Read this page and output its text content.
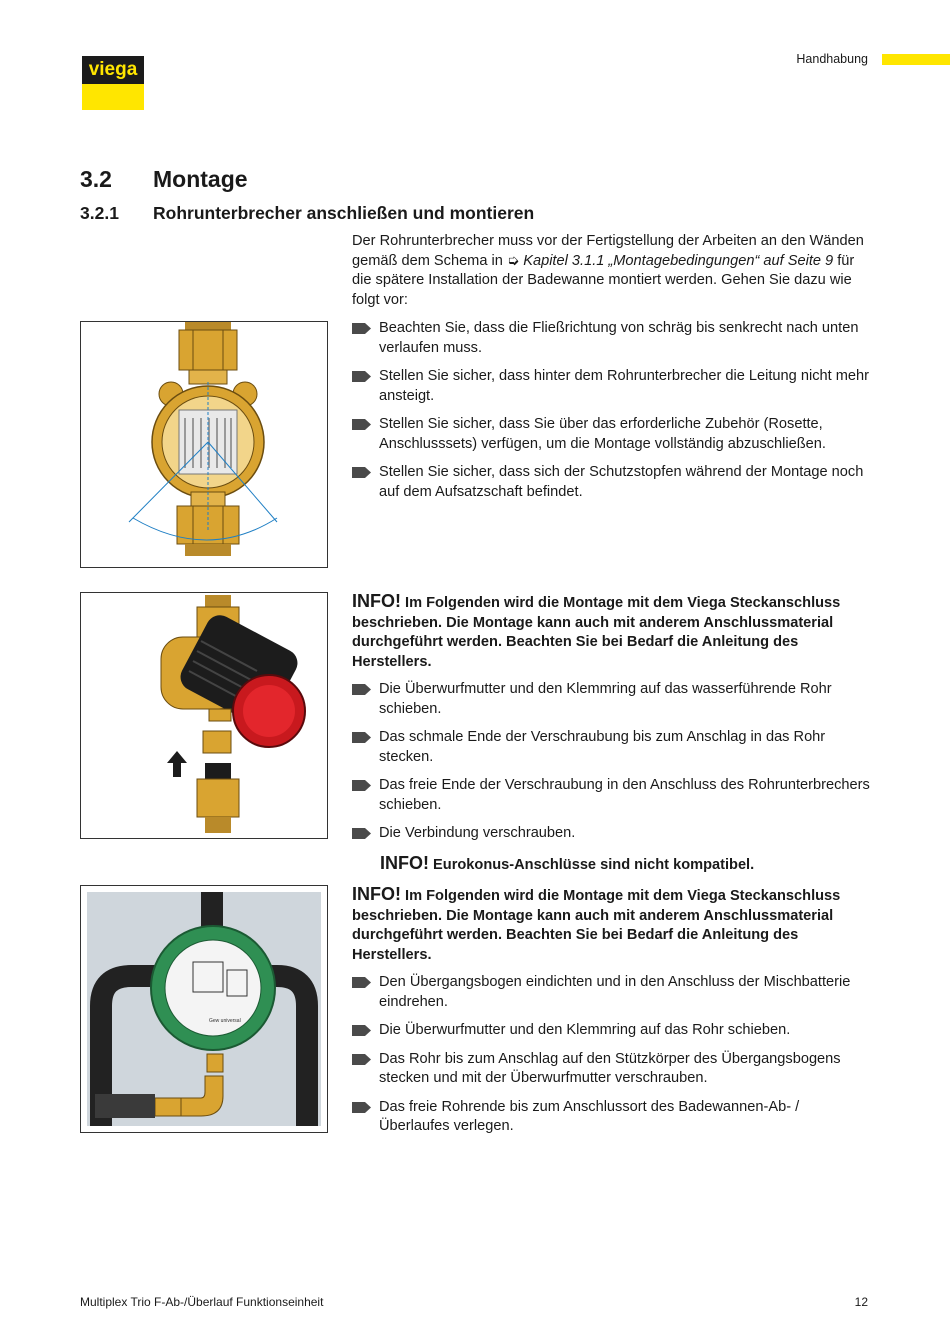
viega	Handhabung
3.2 Montage
3.2.1 Rohrunterbrecher anschließen und montieren
Der Rohrunterbrecher muss vor der Fertigstellung der Arbeiten an den Wänden gemäß dem Schema in ➭ Kapitel 3.1.1 „Montagebedingungen“ auf Seite 9 für die spätere Installation der Badewanne montiert werden. Gehen Sie dazu wie folgt vor:
Beachten Sie, dass die Fließrichtung von schräg bis senkrecht nach unten verlaufen muss.
Stellen Sie sicher, dass hinter dem Rohrunterbrecher die Leitung nicht mehr ansteigt.
Stellen Sie sicher, dass Sie über das erforderliche Zubehör (Rosette, Anschlusssets) verfügen, um die Montage vollständig abzuschließen.
Stellen Sie sicher, dass sich der Schutzstopfen während der Montage noch auf dem Aufsatzschaft befindet.
INFO! Im Folgenden wird die Montage mit dem Viega Steckanschluss beschrieben. Die Montage kann auch mit anderem Anschlussmaterial durchgeführt werden. Beachten Sie bei Bedarf die Anleitung des Herstellers.
Die Überwurfmutter und den Klemmring auf das wasserführende Rohr schieben.
Das schmale Ende der Verschraubung bis zum Anschlag in das Rohr stecken.
Das freie Ende der Verschraubung in den Anschluss des Rohrunterbrechers schieben.
Die Verbindung verschrauben.
INFO! Eurokonus-Anschlüsse sind nicht kompatibel.
INFO! Im Folgenden wird die Montage mit dem Viega Steckanschluss beschrieben. Die Montage kann auch mit anderem Anschlussmaterial durchgeführt werden. Beachten Sie bei Bedarf die Anleitung des Herstellers.
Den Übergangsbogen eindichten und in den Anschluss der Mischbatterie eindrehen.
Die Überwurfmutter und den Klemmring auf das Rohr schieben.
Das Rohr bis zum Anschlag auf den Stützkörper des Übergangsbogens stecken und mit der Überwurfmutter verschrauben.
Das freie Rohrende bis zum Anschlussort des Badewannen-Ab- / Überlaufes verlegen.
Gew universal
Multiplex Trio F-Ab-/Überlauf Funktionseinheit	12
